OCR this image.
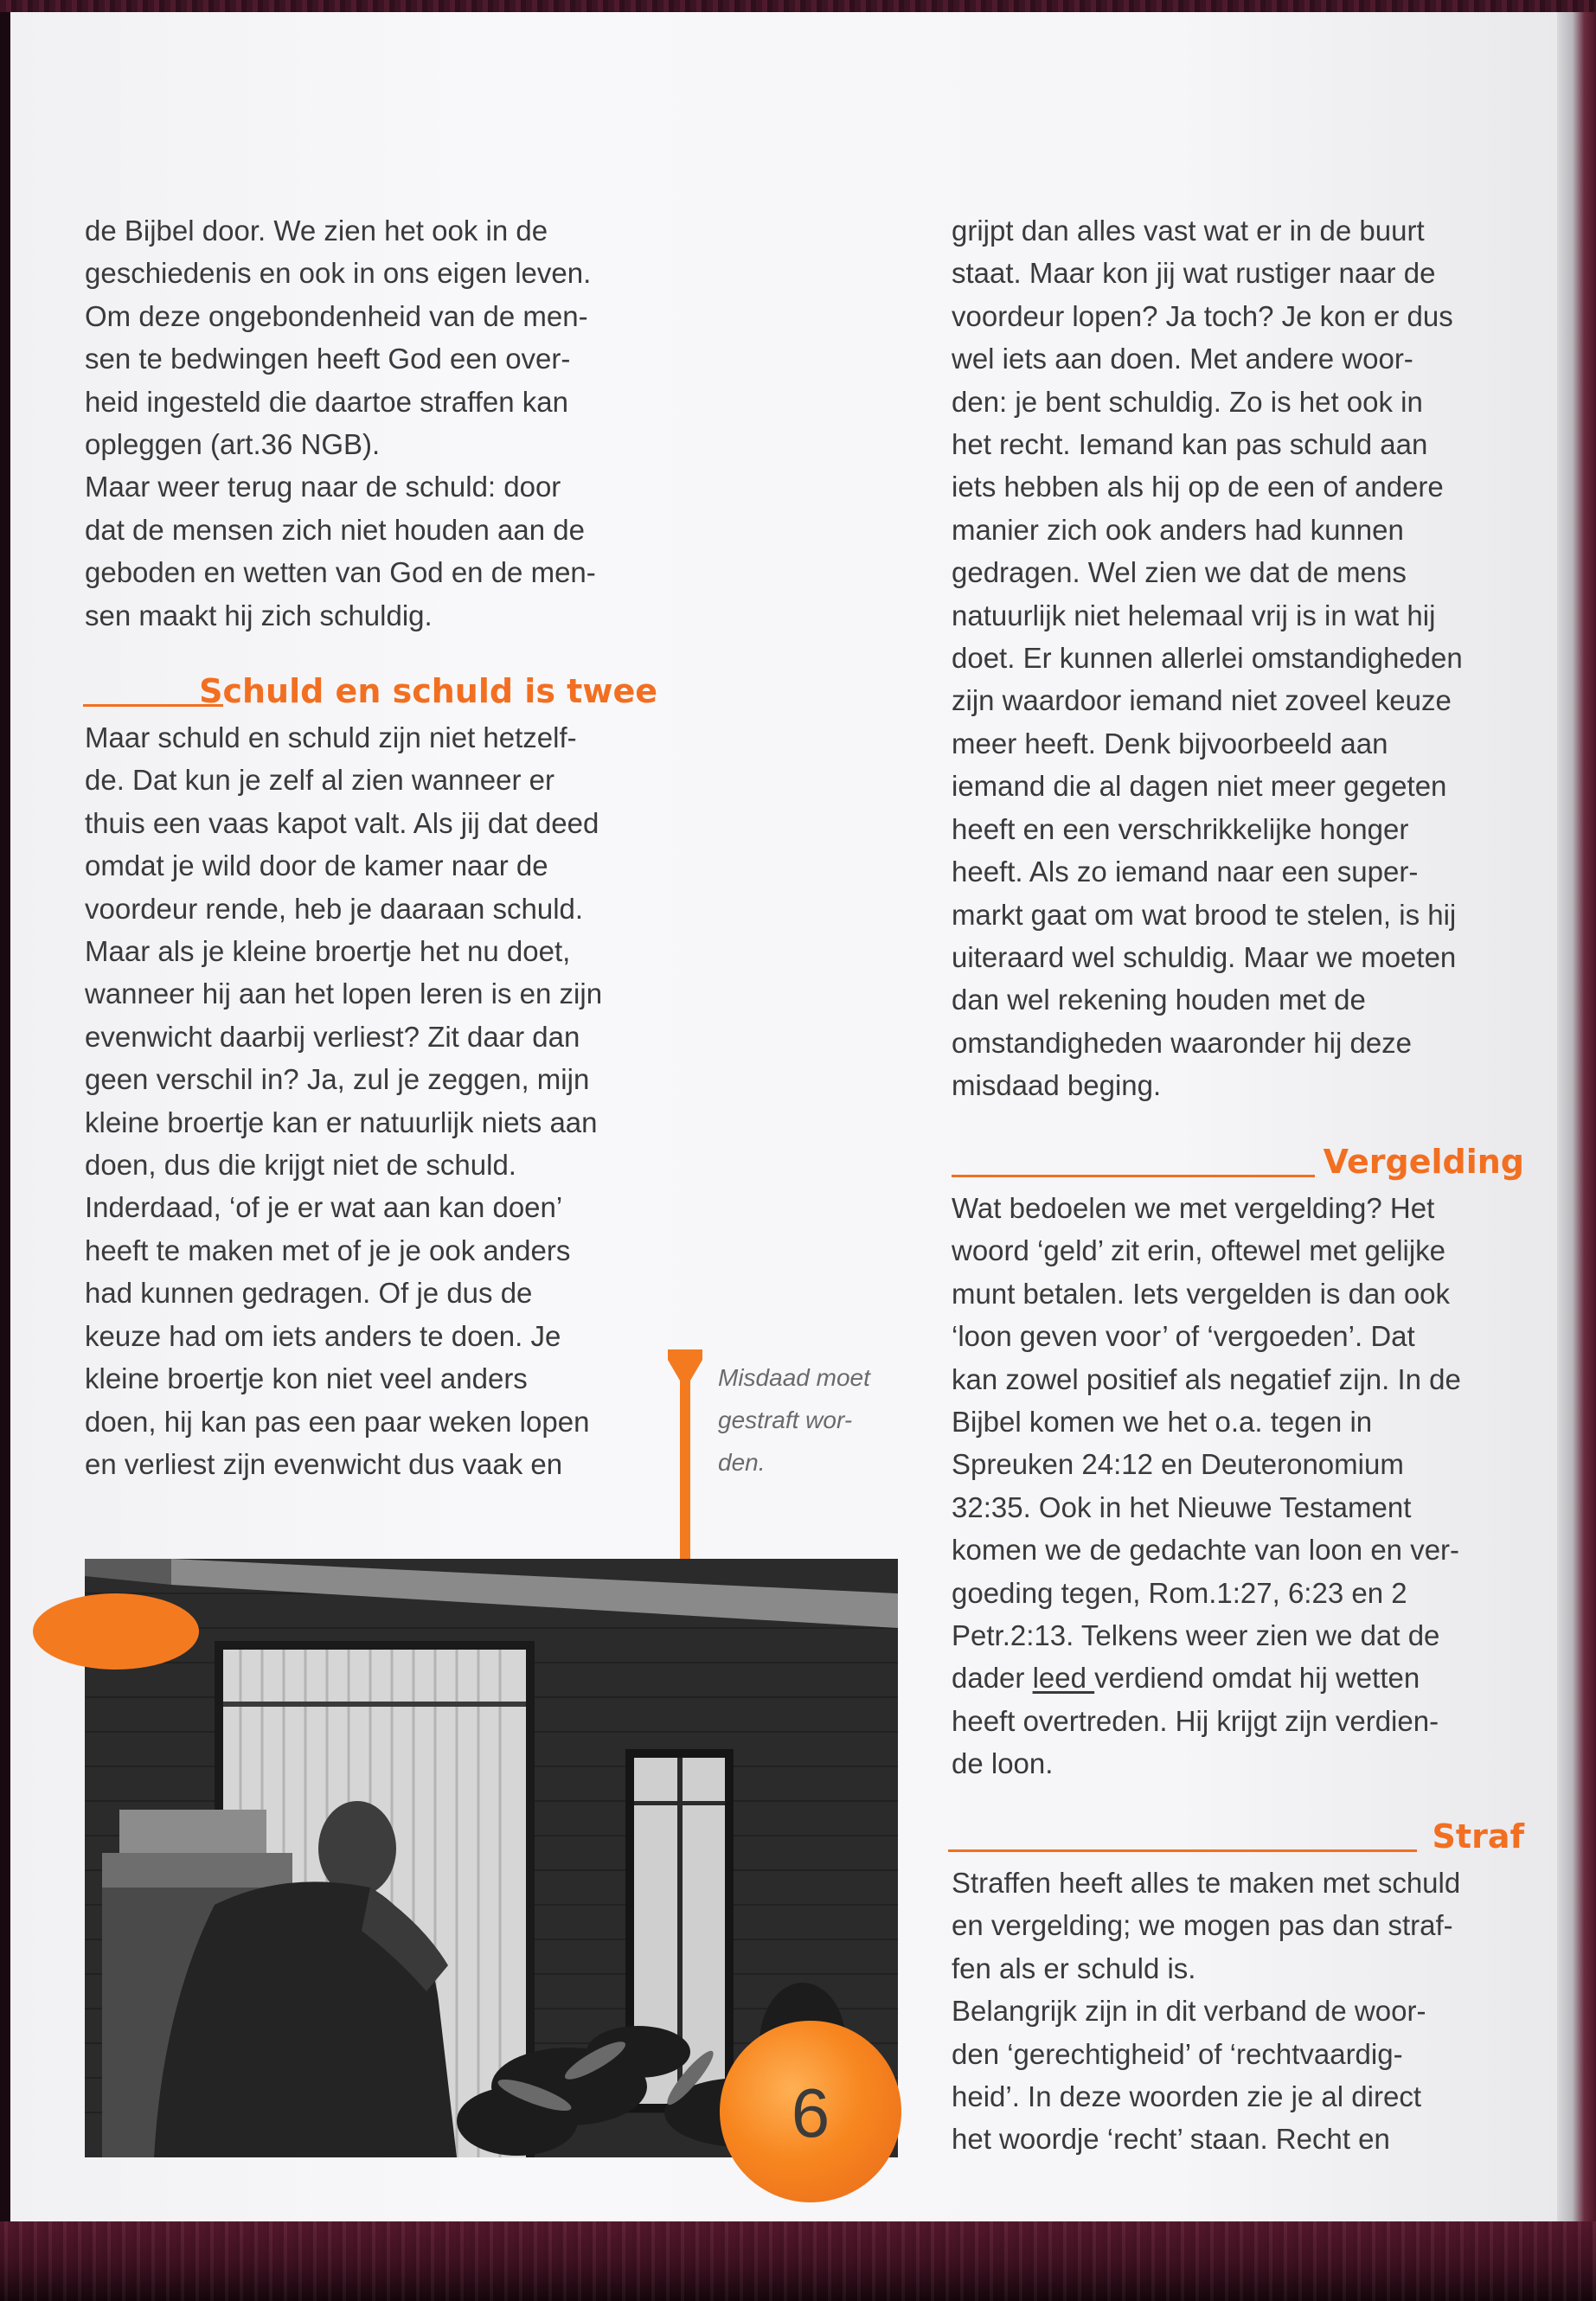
de Bijbel door. We zien het ook in de
geschiedenis en ook in ons eigen leven.
Om deze ongebondenheid van de men-
sen te bedwingen heeft God een over-
heid ingesteld die daartoe straffen kan
opleggen (art.36 NGB).
Maar weer terug naar de schuld: door
dat de mensen zich niet houden aan de
geboden en wetten van God en de men-
sen maakt hij zich schuldig.

Schuld en schuld is twee

Maar schuld en schuld zijn niet hetzelf-
de. Dat kun je zelf al zien wanneer er
thuis een vaas kapot valt. Als jij dat deed
omdat je wild door de kamer naar de
voordeur rende, heb je daaraan schuld.
Maar als je kleine broertje het nu doet,
wanneer hij aan het lopen leren is en zijn
evenwicht daarbij verliest? Zit daar dan
geen verschil in? Ja, zul je zeggen, mijn
kleine broertje kan er natuurlijk niets aan
doen, dus die krijgt niet de schuld.
Inderdaad, ‘of je er wat aan kan doen’
heeft te maken met of je je ook anders
had kunnen gedragen. Of je dus de
keuze had om iets anders te doen. Je
kleine broertje kon niet veel anders
doen, hij kan pas een paar weken lopen
en verliest zijn evenwicht dus vaak en

Misdaad moet
gestraft wor-
den.
6

grijpt dan alles vast wat er in de buurt
staat. Maar kon jij wat rustiger naar de
voordeur lopen? Ja toch? Je kon er dus
wel iets aan doen. Met andere woor-
den: je bent schuldig. Zo is het ook in
het recht. Iemand kan pas schuld aan
iets hebben als hij op de een of andere
manier zich ook anders had kunnen
gedragen. Wel zien we dat de mens
natuurlijk niet helemaal vrij is in wat hij
doet. Er kunnen allerlei omstandigheden
zijn waardoor iemand niet zoveel keuze
meer heeft. Denk bijvoorbeeld aan
iemand die al dagen niet meer gegeten
heeft en een verschrikkelijke honger
heeft. Als zo iemand naar een super-
markt gaat om wat brood te stelen, is hij
uiteraard wel schuldig. Maar we moeten
dan wel rekening houden met de
omstandigheden waaronder hij deze
misdaad beging.

Vergelding

Wat bedoelen we met vergelding? Het
woord ‘geld’ zit erin, oftewel met gelijke
munt betalen. Iets vergelden is dan ook
‘loon geven voor’ of ‘vergoeden’. Dat
kan zowel positief als negatief zijn. In de
Bijbel komen we het o.a. tegen in
Spreuken 24:12 en Deuteronomium
32:35. Ook in het Nieuwe Testament
komen we de gedachte van loon en ver-
goeding tegen, Rom.1:27, 6:23 en 2
Petr.2:13. Telkens weer zien we dat de
dader leed verdiend omdat hij wetten
heeft overtreden. Hij krijgt zijn verdien-
de loon.

Straf

Straffen heeft alles te maken met schuld
en vergelding; we mogen pas dan straf-
fen als er schuld is.
Belangrijk zijn in dit verband de woor-
den ‘gerechtigheid’ of ‘rechtvaardig-
heid’. In deze woorden zie je al direct
het woordje ‘recht’ staan. Recht en
